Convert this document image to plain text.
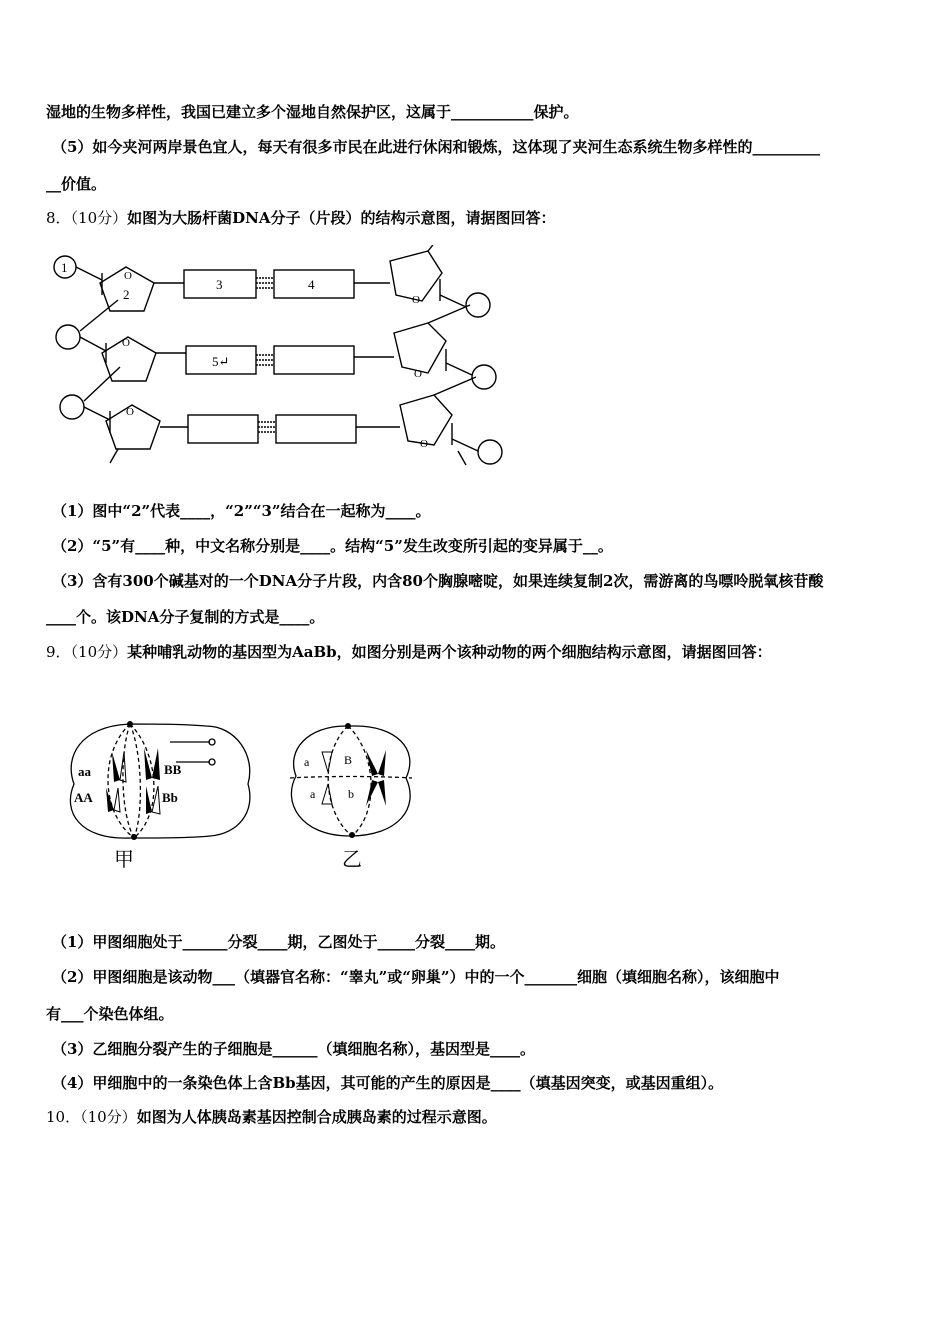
湿地的生物多样性，我国已建立多个湿地自然保护区，这属于___________保护。
（5）如今夹河两岸景色宜人，每天有很多市民在此进行休闲和锻炼，这体现了夹河生态系统生物多样性的_________
__价值。
8．（10分）如图为大肠杆菌DNA分子（片段）的结构示意图，请据图回答：
1
2
3	4
5↵
O
O
O
O
O
O
（1）图中“2”代表____，“2”“3”结合在一起称为____。
（2）“5”有____种，中文名称分别是____。结构“5”发生改变所引起的变异属于__。
（3）含有300个碱基对的一个DNA分子片段，内含80个胸腺嘧啶，如果连续复制2次，需游离的鸟嘌呤脱氧核苷酸
____个。该DNA分子复制的方式是____。
9．（10分）某种哺乳动物的基因型为AaBb，如图分别是两个该种动物的两个细胞结构示意图，请据图回答：
aa
AA
BB
Bb
a
a
B
b
甲	乙
（1）甲图细胞处于______分裂____期，乙图处于_____分裂____期。
（2）甲图细胞是该动物___（填器官名称：“睾丸”或“卵巢”）中的一个_______细胞（填细胞名称），该细胞中
有___个染色体组。
（3）乙细胞分裂产生的子细胞是______（填细胞名称），基因型是____。
（4）甲细胞中的一条染色体上含Bb基因，其可能的产生的原因是____（填基因突变，或基因重组）。
10．（10分）如图为人体胰岛素基因控制合成胰岛素的过程示意图。
